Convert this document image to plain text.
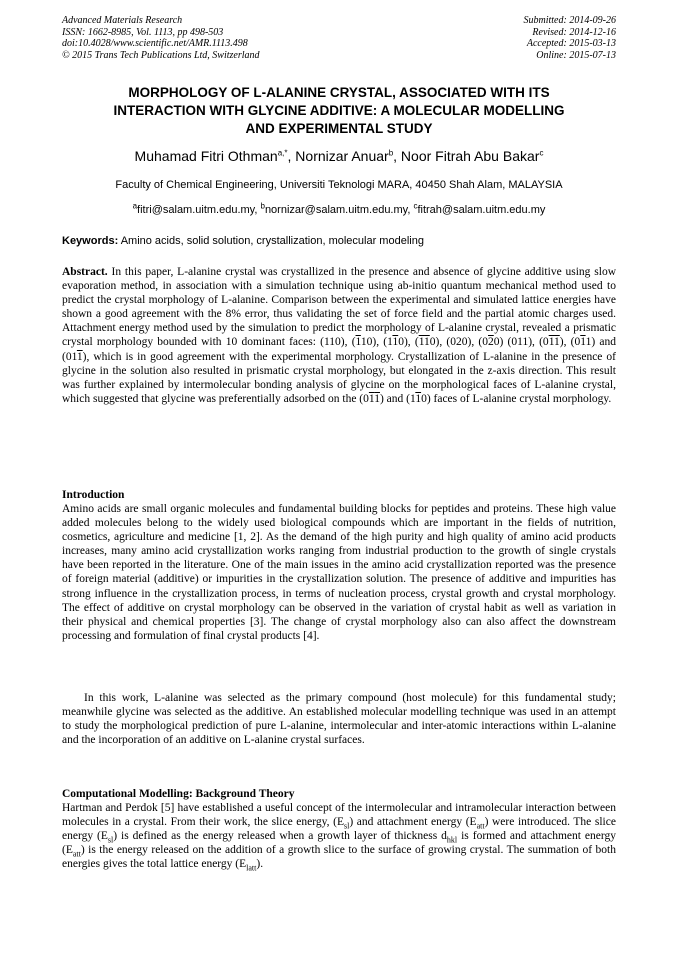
Advanced Materials Research
ISSN: 1662-8985, Vol. 1113, pp 498-503
doi:10.4028/www.scientific.net/AMR.1113.498
© 2015 Trans Tech Publications Ltd, Switzerland
Submitted: 2014-09-26
Revised: 2014-12-16
Accepted: 2015-03-13
Online: 2015-07-13
MORPHOLOGY OF L-ALANINE CRYSTAL, ASSOCIATED WITH ITS
INTERACTION WITH GLYCINE ADDITIVE: A MOLECULAR MODELLING
AND EXPERIMENTAL STUDY
Muhamad Fitri Othman$^{a,*}$, Nornizar Anuar$^b$, Noor Fitrah Abu Bakar$^c$
Faculty of Chemical Engineering, Universiti Teknologi MARA, 40450 Shah Alam, MALAYSIA
$^a$fitri@salam.uitm.edu.my, $^b$nornizar@salam.uitm.edu.my, $^c$fitrah@salam.uitm.edu.my
Keywords: Amino acids, solid solution, crystallization, molecular modeling
Abstract. In this paper, L-alanine crystal was crystallized in the presence and absence of glycine additive using slow evaporation method, in association with a simulation technique using ab-initio quantum mechanical method used to predict the crystal morphology of L-alanine. Comparison between the experimental and simulated lattice energies have shown a good agreement with the 8% error, thus validating the set of force field and the partial atomic charges used. Attachment energy method used by the simulation to predict the morphology of L-alanine crystal, revealed a prismatic crystal morphology bounded with 10 dominant faces: (110), (110), (110), (110), (020), (020) (011), (011), (011) and (011), which is in good agreement with the experimental morphology. Crystallization of L-alanine in the presence of glycine in the solution also resulted in prismatic crystal morphology, but elongated in the z-axis direction. This result was further explained by intermolecular bonding analysis of glycine on the morphological faces of L-alanine crystal, which suggested that glycine was preferentially adsorbed on the (011) and (110) faces of L-alanine crystal morphology.
Introduction
Amino acids are small organic molecules and fundamental building blocks for peptides and proteins. These high value added molecules belong to the widely used biological compounds which are important in the fields of nutrition, cosmetics, agriculture and medicine [1, 2]. As the demand of the high purity and high quality of amino acid products increases, many amino acid crystallization works ranging from industrial production to the growth of single crystals have been reported in the literature. One of the main issues in the amino acid crystallization reported was the presence of foreign material (additive) or impurities in the crystallization solution. The presence of additive and impurities has strong influence in the crystallization process, in terms of nucleation process, crystal growth and crystal morphology. The effect of additive on crystal morphology can be observed in the variation of crystal habit as well as variation in their physical and chemical properties [3]. The change of crystal morphology also can also affect the downstream processing and formulation of final crystal products [4].
In this work, L-alanine was selected as the primary compound (host molecule) for this fundamental study; meanwhile glycine was selected as the additive. An established molecular modelling technique was used in an attempt to study the morphological prediction of pure L-alanine, intermolecular and inter-atomic interactions within L-alanine and the incorporation of an additive on L-alanine crystal surfaces.
Computational Modelling: Background Theory
Hartman and Perdok [5] have established a useful concept of the intermolecular and intramolecular interaction between molecules in a crystal. From their work, the slice energy, $(E_{sl})$ and attachment energy $(E_{att})$ were introduced. The slice energy $(E_{sl})$ is defined as the energy released when a growth layer of thickness $d_{hkl}$ is formed and attachment energy $(E_{att})$ is the energy released on the addition of a growth slice to the surface of growing crystal. The summation of both energies gives the total lattice energy $(E_{latt})$.
